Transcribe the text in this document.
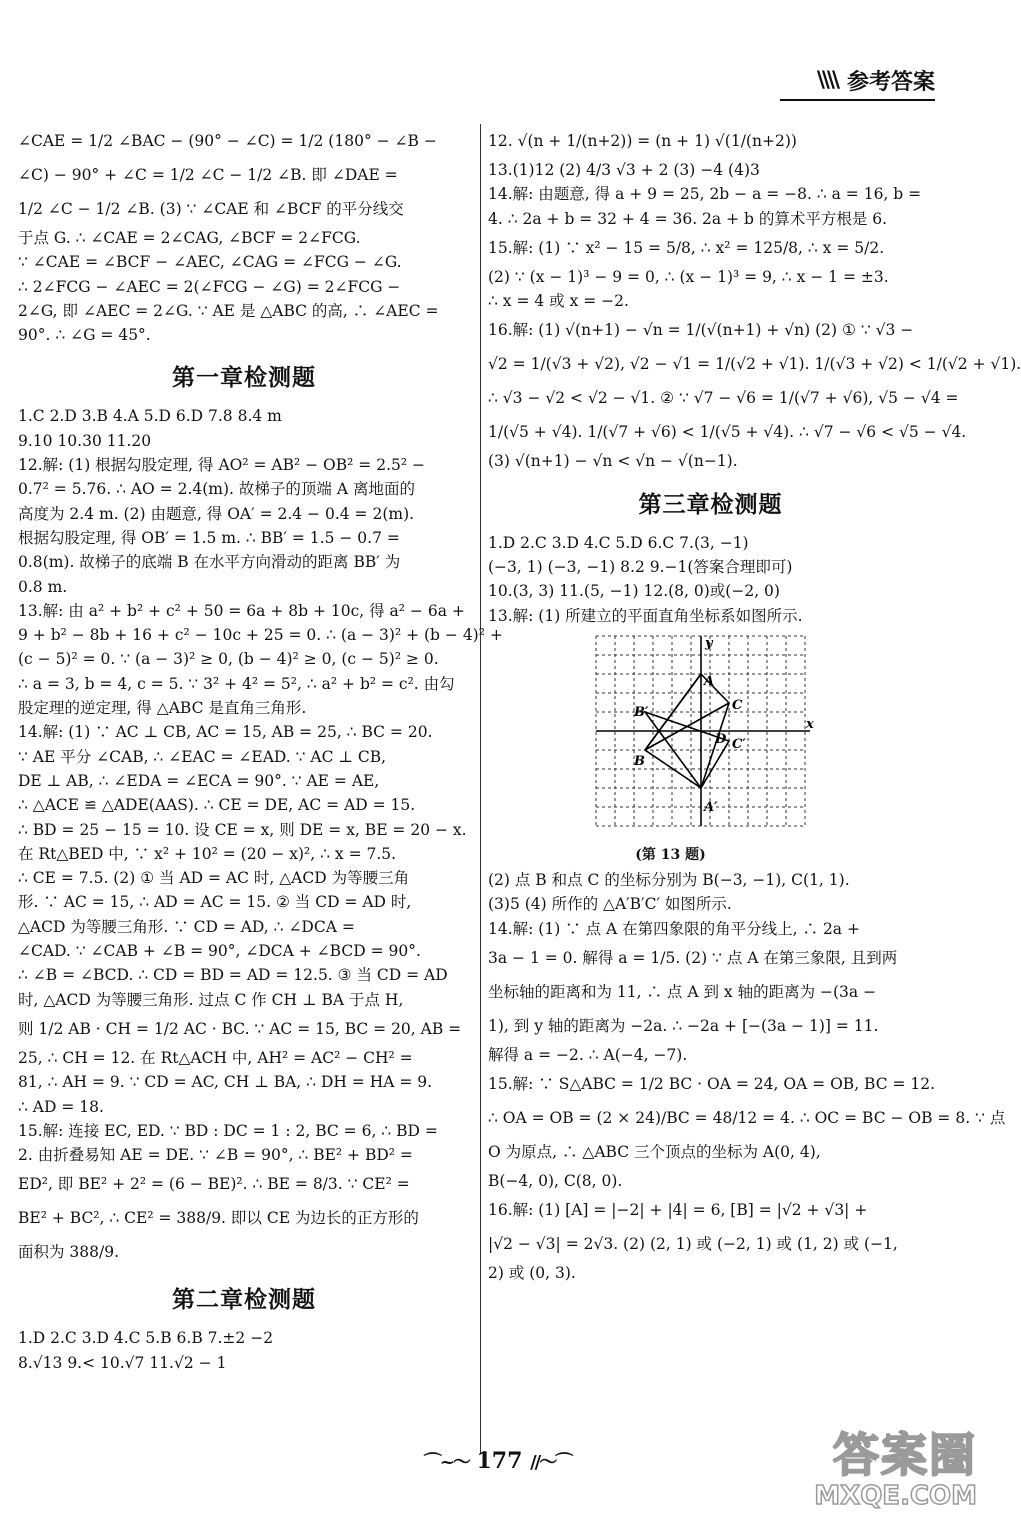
\\\\ 参考答案
∠CAE = 1/2 ∠BAC − (90° − ∠C) = 1/2 (180° − ∠B −
∠C) − 90° + ∠C = 1/2 ∠C − 1/2 ∠B. 即 ∠DAE =
1/2 ∠C − 1/2 ∠B. (3) ∵ ∠CAE 和 ∠BCF 的平分线交
于点 G. ∴ ∠CAE = 2∠CAG, ∠BCF = 2∠FCG.
∵ ∠CAE = ∠BCF − ∠AEC, ∠CAG = ∠FCG − ∠G.
∴ 2∠FCG − ∠AEC = 2(∠FCG − ∠G) = 2∠FCG −
2∠G, 即 ∠AEC = 2∠G. ∵ AE 是 △ABC 的高, ∴ ∠AEC =
90°. ∴ ∠G = 45°.
第一章检测题
1.C 2.D 3.B 4.A 5.D 6.D 7.8 8.4 m
9.10 10.30 11.20
12.解: (1) 根据勾股定理, 得 AO² = AB² − OB² = 2.5² −
0.7² = 5.76. ∴ AO = 2.4(m). 故梯子的顶端 A 离地面的
高度为 2.4 m. (2) 由题意, 得 OA′ = 2.4 − 0.4 = 2(m).
根据勾股定理, 得 OB′ = 1.5 m. ∴ BB′ = 1.5 − 0.7 =
0.8(m). 故梯子的底端 B 在水平方向滑动的距离 BB′ 为
0.8 m.
13.解: 由 a² + b² + c² + 50 = 6a + 8b + 10c, 得 a² − 6a +
9 + b² − 8b + 16 + c² − 10c + 25 = 0. ∴ (a − 3)² + (b − 4)² +
(c − 5)² = 0. ∵ (a − 3)² ≥ 0, (b − 4)² ≥ 0, (c − 5)² ≥ 0.
∴ a = 3, b = 4, c = 5. ∵ 3² + 4² = 5², ∴ a² + b² = c². 由勾
股定理的逆定理, 得 △ABC 是直角三角形.
14.解: (1) ∵ AC ⊥ CB, AC = 15, AB = 25, ∴ BC = 20.
∵ AE 平分 ∠CAB, ∴ ∠EAC = ∠EAD. ∵ AC ⊥ CB,
DE ⊥ AB, ∴ ∠EDA = ∠ECA = 90°. ∵ AE = AE,
∴ △ACE ≌ △ADE(AAS). ∴ CE = DE, AC = AD = 15.
∴ BD = 25 − 15 = 10. 设 CE = x, 则 DE = x, BE = 20 − x.
在 Rt△BED 中, ∵ x² + 10² = (20 − x)², ∴ x = 7.5.
∴ CE = 7.5. (2) ① 当 AD = AC 时, △ACD 为等腰三角
形. ∵ AC = 15, ∴ AD = AC = 15. ② 当 CD = AD 时,
△ACD 为等腰三角形. ∵ CD = AD, ∴ ∠DCA =
∠CAD. ∵ ∠CAB + ∠B = 90°, ∠DCA + ∠BCD = 90°.
∴ ∠B = ∠BCD. ∴ CD = BD = AD = 12.5. ③ 当 CD = AD
时, △ACD 为等腰三角形. 过点 C 作 CH ⊥ BA 于点 H,
则 1/2 AB · CH = 1/2 AC · BC. ∵ AC = 15, BC = 20, AB =
25, ∴ CH = 12. 在 Rt△ACH 中, AH² = AC² − CH² =
81, ∴ AH = 9. ∵ CD = AC, CH ⊥ BA, ∴ DH = HA = 9.
∴ AD = 18.
15.解: 连接 EC, ED. ∵ BD : DC = 1 : 2, BC = 6, ∴ BD =
2. 由折叠易知 AE = DE. ∵ ∠B = 90°, ∴ BE² + BD² =
ED², 即 BE² + 2² = (6 − BE)². ∴ BE = 8/3. ∵ CE² =
BE² + BC², ∴ CE² = 388/9. 即以 CE 为边长的正方形的
面积为 388/9.
第二章检测题
1.D 2.C 3.D 4.C 5.B 6.B 7.±2 −2
8.√13 9.< 10.√7 11.√2 − 1
12. √(n + 1/(n+2)) = (n + 1) √(1/(n+2))
13.(1)12 (2) 4/3 √3 + 2 (3) −4 (4)3
14.解: 由题意, 得 a + 9 = 25, 2b − a = −8. ∴ a = 16, b =
4. ∴ 2a + b = 32 + 4 = 36. 2a + b 的算术平方根是 6.
15.解: (1) ∵ x² − 15 = 5/8, ∴ x² = 125/8, ∴ x = 5/2.
(2) ∵ (x − 1)³ − 9 = 0, ∴ (x − 1)³ = 9, ∴ x − 1 = ±3.
∴ x = 4 或 x = −2.
16.解: (1) √(n+1) − √n = 1/(√(n+1) + √n) (2) ① ∵ √3 −
√2 = 1/(√3 + √2), √2 − √1 = 1/(√2 + √1). 1/(√3 + √2) < 1/(√2 + √1).
∴ √3 − √2 < √2 − √1. ② ∵ √7 − √6 = 1/(√7 + √6), √5 − √4 =
1/(√5 + √4). 1/(√7 + √6) < 1/(√5 + √4). ∴ √7 − √6 < √5 − √4.
(3) √(n+1) − √n < √n − √(n−1).
第三章检测题
1.D 2.C 3.D 4.C 5.D 6.C 7.(3, −1)
(−3, 1) (−3, −1) 8.2 9.−1(答案合理即可)
10.(3, 3) 11.(5, −1) 12.(8, 0)或(−2, 0)
13.解: (1) 所建立的平面直角坐标系如图所示.
x
y
A
B
C
A′
B′
C′
D
(第 13 题)
(2) 点 B 和点 C 的坐标分别为 B(−3, −1), C(1, 1).
(3)5 (4) 所作的 △A′B′C′ 如图所示.
14.解: (1) ∵ 点 A 在第四象限的角平分线上, ∴ 2a +
3a − 1 = 0. 解得 a = 1/5. (2) ∵ 点 A 在第三象限, 且到两
坐标轴的距离和为 11, ∴ 点 A 到 x 轴的距离为 −(3a −
1), 到 y 轴的距离为 −2a. ∴ −2a + [−(3a − 1)] = 11.
解得 a = −2. ∴ A(−4, −7).
15.解: ∵ S△ABC = 1/2 BC · OA = 24, OA = OB, BC = 12.
∴ OA = OB = (2 × 24)/BC = 48/12 = 4. ∴ OC = BC − OB = 8. ∵ 点
O 为原点, ∴ △ABC 三个顶点的坐标为 A(0, 4),
B(−4, 0), C(8, 0).
16.解: (1) [A] = |−2| + |4| = 6, [B] = |√2 + √3| +
|√2 − √3| = 2√3. (2) (2, 1) 或 (−2, 1) 或 (1, 2) 或 (−1,
2) 或 (0, 3).
⌒~〜 177 //〜⌒	答案圈
MXQE.COM
